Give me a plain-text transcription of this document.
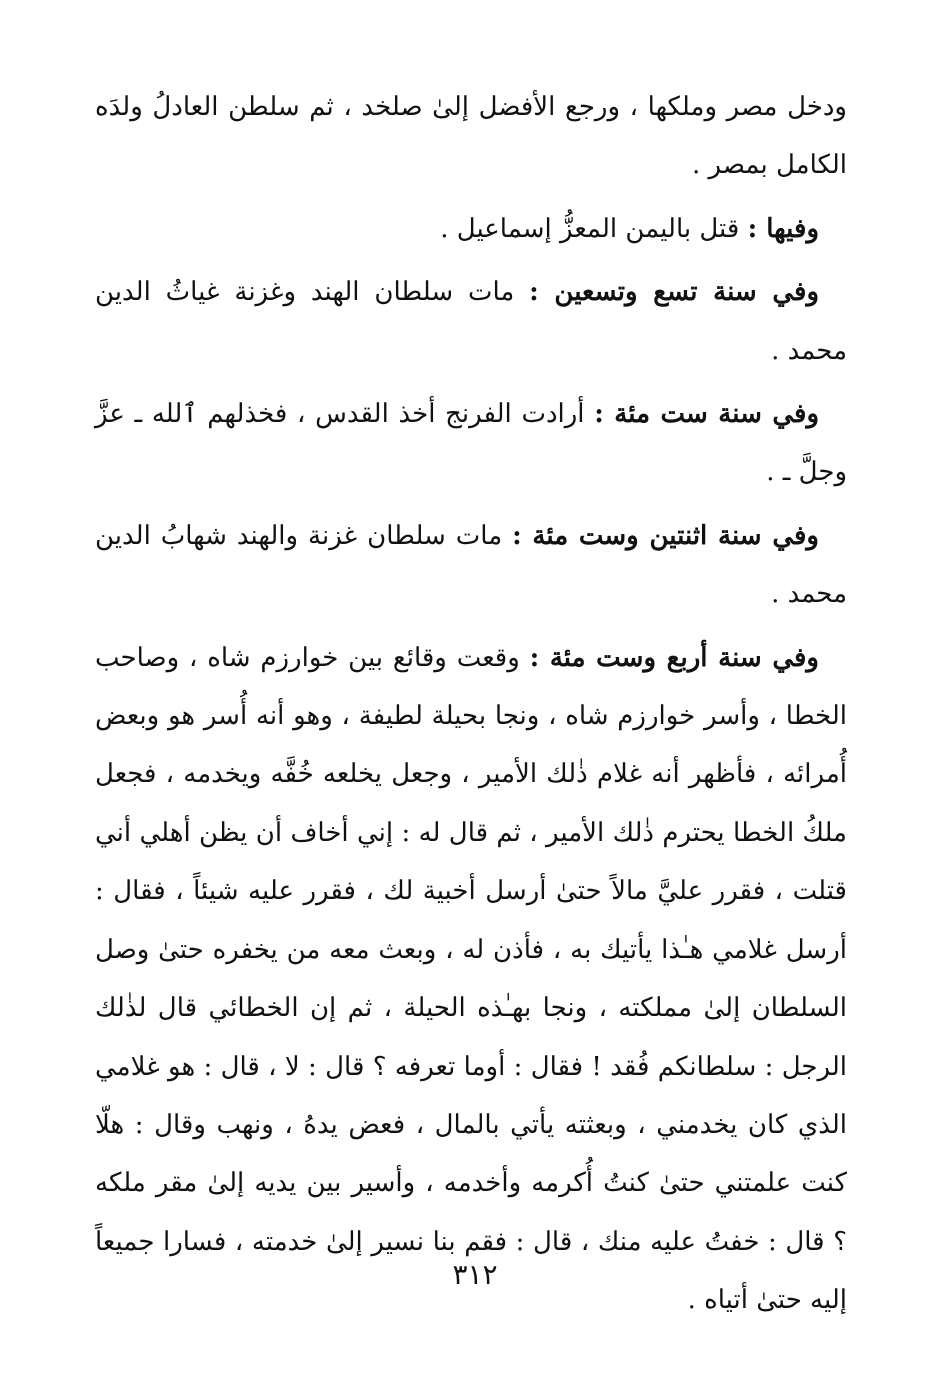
ودخل مصر وملكها ، ورجع الأفضل إلىٰ صلخد ، ثم سلطن العادلُ ولدَه الكامل بمصر .

وفيها : قتل باليمن المعزُّ إسماعيل .

وفي سنة تسع وتسعين : مات سلطان الهند وغزنة غياثُ الدين محمد .

وفي سنة ست مئة : أرادت الفرنج أخذ القدس ، فخذلهم ٱلله ـ عزَّ وجلَّ ـ .

وفي سنة اثنتين وست مئة : مات سلطان غزنة والهند شهابُ الدين محمد .

وفي سنة أربع وست مئة : وقعت وقائع بين خوارزم شاه ، وصاحب الخطا ، وأسر خوارزم شاه ، ونجا بحيلة لطيفة ، وهو أنه أُسر هو وبعض أُمرائه ، فأظهر أنه غلام ذٰلك الأمير ، وجعل يخلعه خُفَّه ويخدمه ، فجعل ملكُ الخطا يحترم ذٰلك الأمير ، ثم قال له : إني أخاف أن يظن أهلي أني قتلت ، فقرر عليَّ مالاً حتىٰ أرسل أخبية لك ، فقرر عليه شيئاً ، فقال : أرسل غلامي هـٰذا يأتيك به ، فأذن له ، وبعث معه من يخفره حتىٰ وصل السلطان إلىٰ مملكته ، ونجا بهـٰذه الحيلة ، ثم إن الخطائي قال لذٰلك الرجل : سلطانكم فُقد ! فقال : أوما تعرفه ؟ قال : لا ، قال : هو غلامي الذي كان يخدمني ، وبعثته يأتي بالمال ، فعض يدهُ ، ونهب وقال : هلّا كنت علمتني حتىٰ كنتُ أُكرمه وأخدمه ، وأسير بين يديه إلىٰ مقر ملكه ؟ قال : خفتُ عليه منك ، قال : فقم بنا نسير إلىٰ خدمته ، فسارا جميعاً إليه حتىٰ أتياه .

٣١٢
